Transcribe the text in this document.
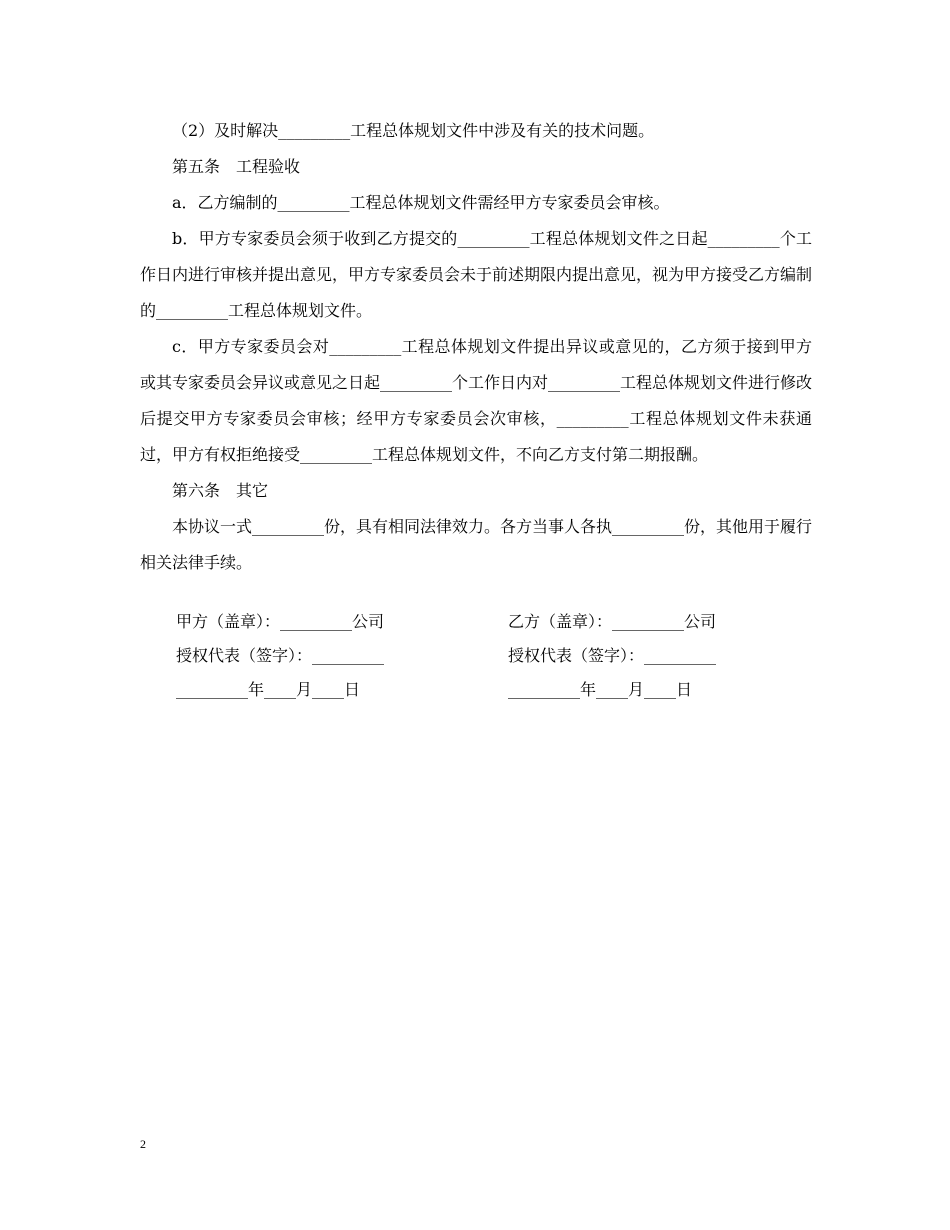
（2）及时解决_________工程总体规划文件中涉及有关的技术问题。

第五条　工程验收

a．乙方编制的_________工程总体规划文件需经甲方专家委员会审核。

b．甲方专家委员会须于收到乙方提交的_________工程总体规划文件之日起_________个工作日内进行审核并提出意见，甲方专家委员会未于前述期限内提出意见，视为甲方接受乙方编制的_________工程总体规划文件。

c．甲方专家委员会对_________工程总体规划文件提出异议或意见的，乙方须于接到甲方或其专家委员会异议或意见之日起_________个工作日内对_________工程总体规划文件进行修改后提交甲方专家委员会审核；经甲方专家委员会次审核，_________工程总体规划文件未获通过，甲方有权拒绝接受_________工程总体规划文件，不向乙方支付第二期报酬。

第六条　其它

本协议一式_________份，具有相同法律效力。各方当事人各执_________份，其他用于履行相关法律手续。

甲方（盖章）：_________公司	乙方（盖章）：_________公司
授权代表（签字）：_________	授权代表（签字）：_________
_________年____月____日	_________年____月____日
2
